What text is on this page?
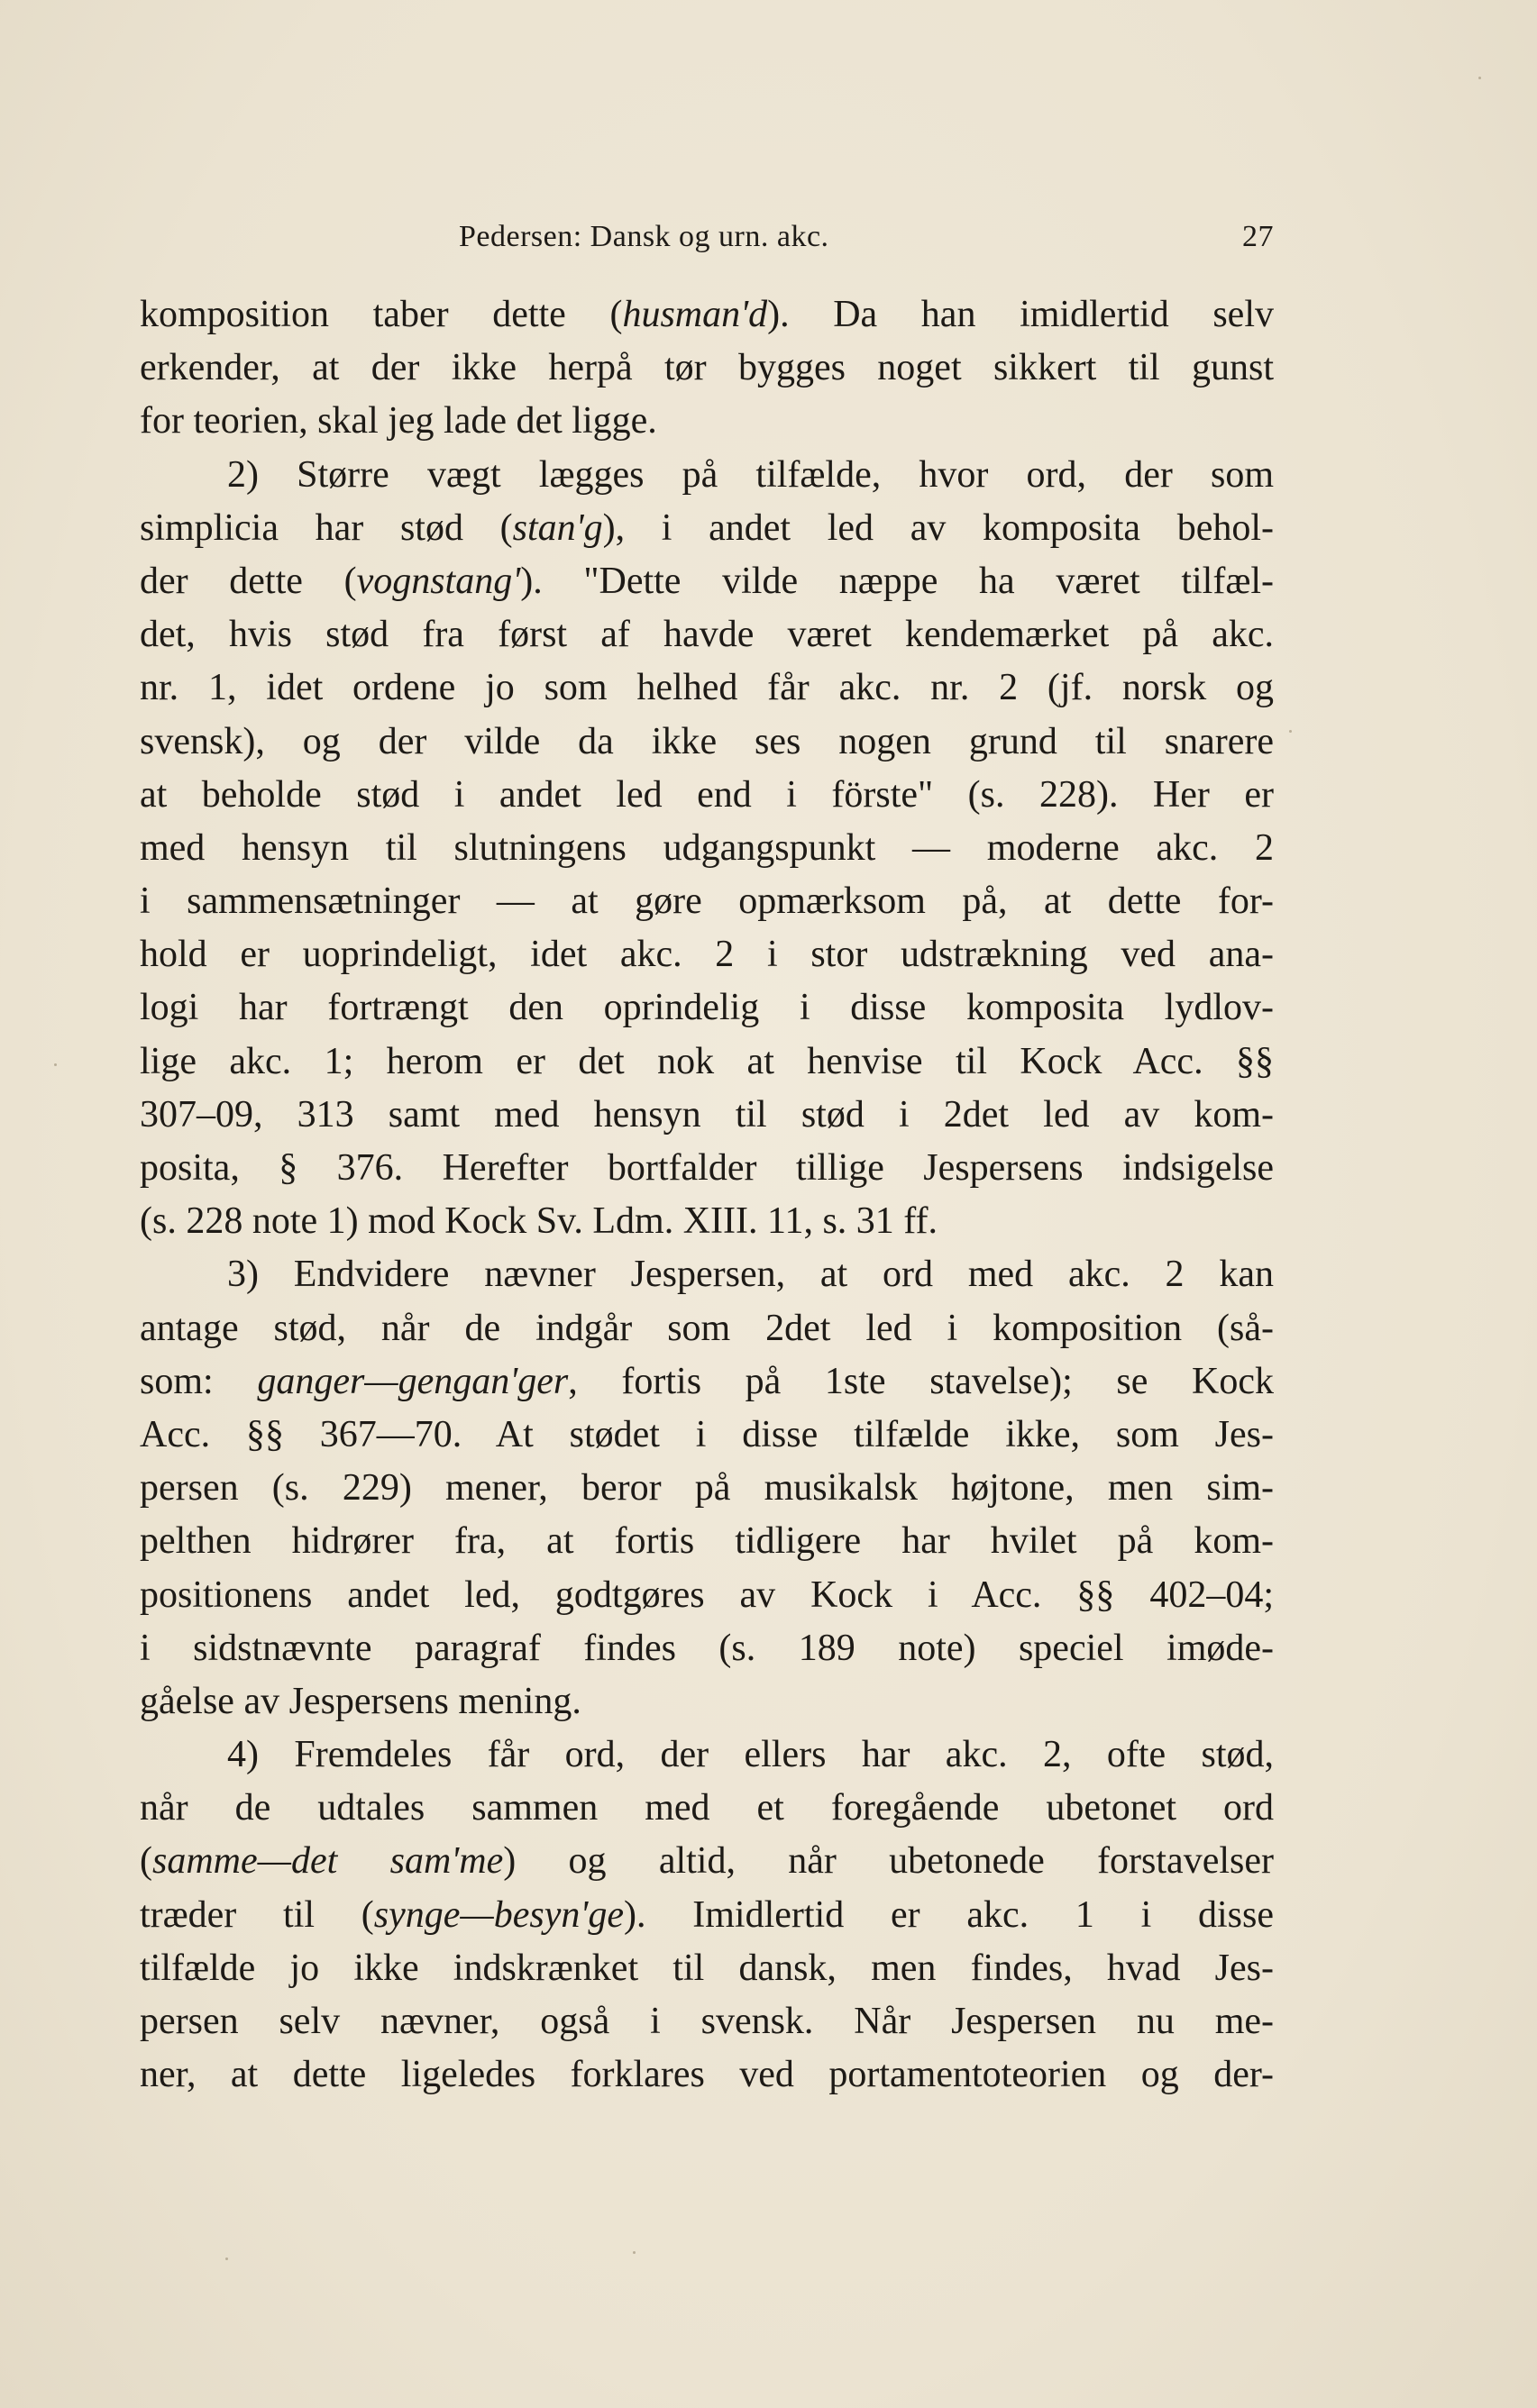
Pedersen: Dansk og urn. akc.	27
komposition taber dette (husman'd). Da han imidlertid selv
erkender, at der ikke herpå tør bygges noget sikkert til gunst
for teorien, skal jeg lade det ligge.
2) Større vægt lægges på tilfælde, hvor ord, der som
simplicia har stød (stan'g), i andet led av komposita behol-
der dette (vognstang'). "Dette vilde næppe ha været tilfæl-
det, hvis stød fra først af havde været kendemærket på akc.
nr. 1, idet ordene jo som helhed får akc. nr. 2 (jf. norsk og
svensk), og der vilde da ikke ses nogen grund til snarere
at beholde stød i andet led end i förste" (s. 228). Her er
med hensyn til slutningens udgangspunkt — moderne akc. 2
i sammensætninger — at gøre opmærksom på, at dette for-
hold er uoprindeligt, idet akc. 2 i stor udstrækning ved ana-
logi har fortrængt den oprindelig i disse komposita lydlov-
lige akc. 1; herom er det nok at henvise til Kock Acc. §§
307–09, 313 samt med hensyn til stød i 2det led av kom-
posita, § 376. Herefter bortfalder tillige Jespersens indsigelse
(s. 228 note 1) mod Kock Sv. Ldm. XIII. 11, s. 31 ff.
3) Endvidere nævner Jespersen, at ord med akc. 2 kan
antage stød, når de indgår som 2det led i komposition (så-
som: ganger—gengan'ger, fortis på 1ste stavelse); se Kock
Acc. §§ 367—70. At stødet i disse tilfælde ikke, som Jes-
persen (s. 229) mener, beror på musikalsk højtone, men sim-
pelthen hidrører fra, at fortis tidligere har hvilet på kom-
positionens andet led, godtgøres av Kock i Acc. §§ 402–04;
i sidstnævnte paragraf findes (s. 189 note) speciel imøde-
gåelse av Jespersens mening.
4) Fremdeles får ord, der ellers har akc. 2, ofte stød,
når de udtales sammen med et foregående ubetonet ord
(samme—det sam'me) og altid, når ubetonede forstavelser
træder til (synge—besyn'ge). Imidlertid er akc. 1 i disse
tilfælde jo ikke indskrænket til dansk, men findes, hvad Jes-
persen selv nævner, også i svensk. Når Jespersen nu me-
ner, at dette ligeledes forklares ved portamentoteorien og der-
